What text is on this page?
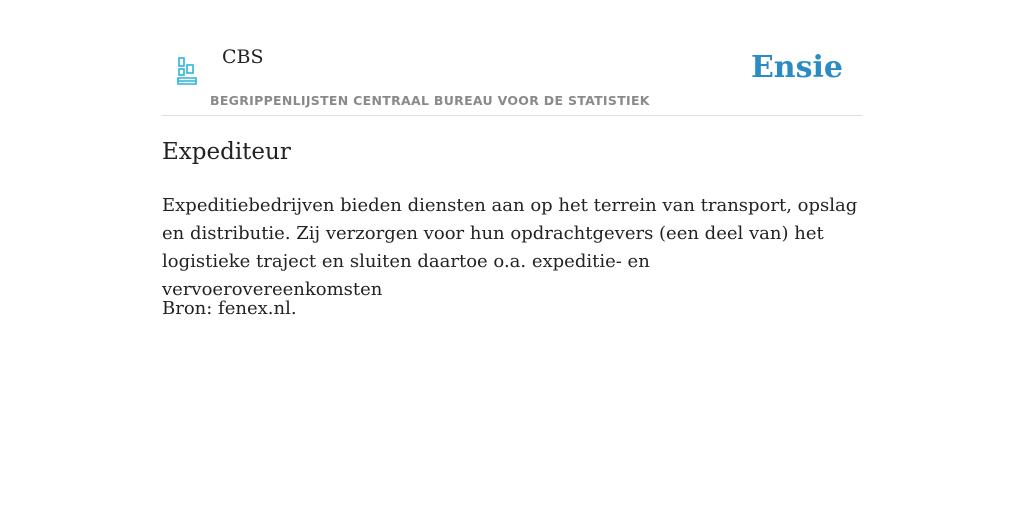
CBS
BEGRIPPENLIJSTEN CENTRAAL BUREAU VOOR DE STATISTIEK
Ensie
Expediteur

Expeditiebedrijven bieden diensten aan op het terrein van transport, opslag en distributie. Zij verzorgen voor hun opdrachtgevers (een deel van) het logistieke traject en sluiten daartoe o.a. expeditie- en vervoerovereenkomsten

Bron: fenex.nl.
